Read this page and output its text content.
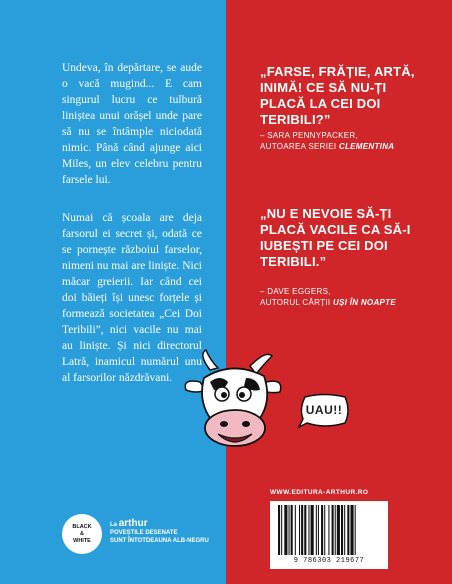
Undeva, în depărtare, se aude o vacă mugind... E cam singurul lucru ce tulbură liniștea unui orășel unde pare să nu se întâmple niciodată nimic. Până când ajunge aici Miles, un elev celebru pentru farsele lui.

Numai că școala are deja farsorul ei secret și, odată ce se pornește războiul farselor, nimeni nu mai are liniște. Nici măcar greierii. Iar când cei doi băieți își unesc forțele și formează societatea „Cei Doi Teribili”, nici vacile nu mai au liniște. Și nici directorul Latră, inamicul numărul unu al farsorilor năzdrăvani.

„FARSE, FRĂȚIE, ARTĂ, INIMĂ! CE SĂ NU-ȚI PLACĂ LA CEI DOI TERIBILI?”

– SARA PENNYPACKER,
AUTOAREA SERIEI CLEMENTINA

„NU E NEVOIE SĂ-ȚI PLACĂ VACILE CA SĂ-I IUBEȘTI PE CEI DOI TERIBILI.”

– DAVE EGGERS,
AUTORUL CĂRȚII UȘI ÎN NOAPTE

UAU!!
BLACK
&
WHITE
La arthur
POVEȘTILE DESENATE
SUNT ÎNTOTDEAUNA ALB-NEGRU
WWW.EDITURA-ARTHUR.RO
9 786303 219677
